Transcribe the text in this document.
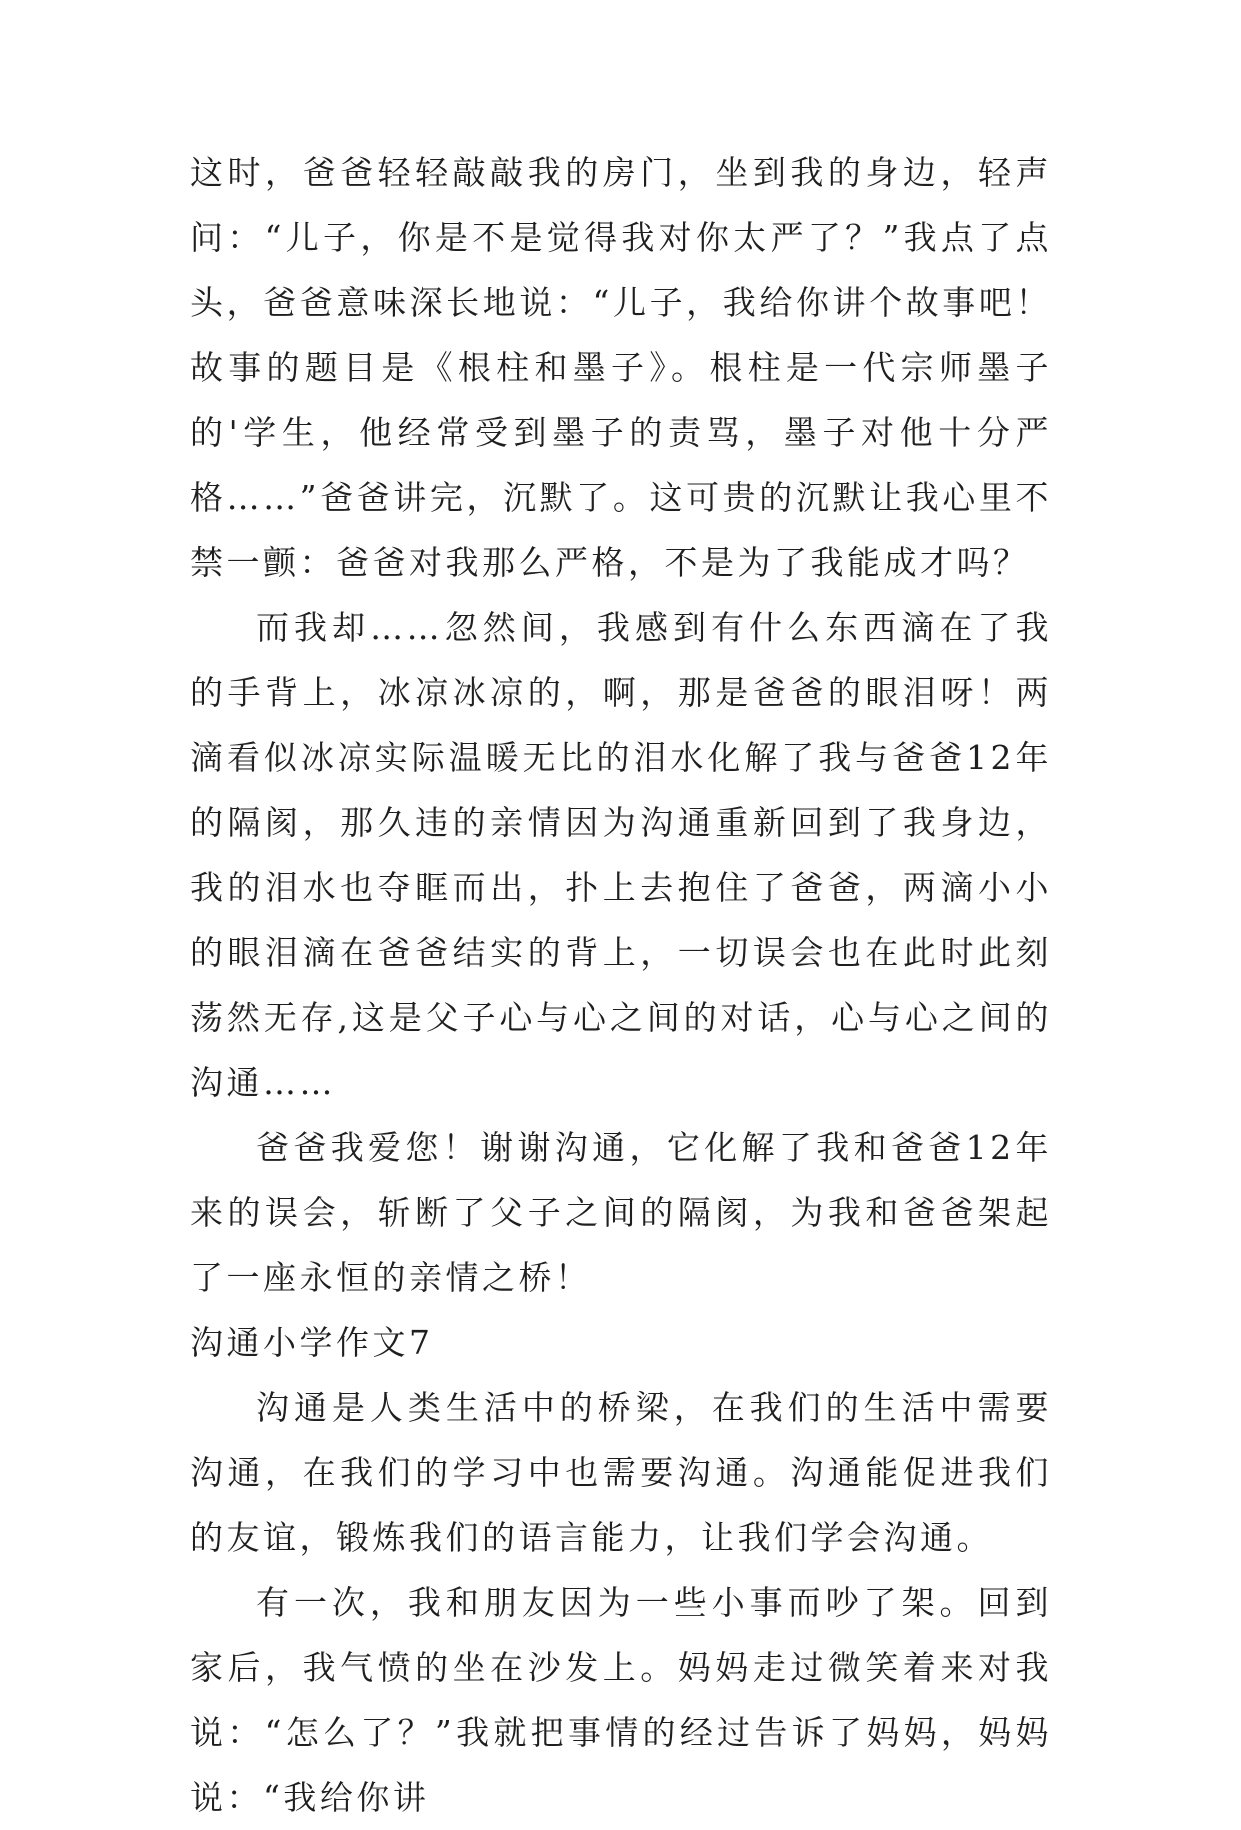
这时，爸爸轻轻敲敲我的房门，坐到我的身边，轻声问：“儿子，你是不是觉得我对你太严了？”我点了点头，爸爸意味深长地说：“儿子，我给你讲个故事吧！故事的题目是《根柱和墨子》。根柱是一代宗师墨子的'学生，他经常受到墨子的责骂，墨子对他十分严格……”爸爸讲完，沉默了。这可贵的沉默让我心里不禁一颤：爸爸对我那么严格，不是为了我能成才吗？

而我却……忽然间，我感到有什么东西滴在了我的手背上，冰凉冰凉的，啊，那是爸爸的眼泪呀！两滴看似冰凉实际温暖无比的泪水化解了我与爸爸12年的隔阂，那久违的亲情因为沟通重新回到了我身边，我的泪水也夺眶而出，扑上去抱住了爸爸，两滴小小的眼泪滴在爸爸结实的背上，一切误会也在此时此刻荡然无存,这是父子心与心之间的对话，心与心之间的沟通……

爸爸我爱您！谢谢沟通，它化解了我和爸爸12年来的误会，斩断了父子之间的隔阂，为我和爸爸架起了一座永恒的亲情之桥！

沟通小学作文7

沟通是人类生活中的桥梁，在我们的生活中需要沟通，在我们的学习中也需要沟通。沟通能促进我们的友谊，锻炼我们的语言能力，让我们学会沟通。

有一次，我和朋友因为一些小事而吵了架。回到家后，我气愤的坐在沙发上。妈妈走过微笑着来对我说：“怎么了？”我就把事情的经过告诉了妈妈，妈妈说：“我给你讲
